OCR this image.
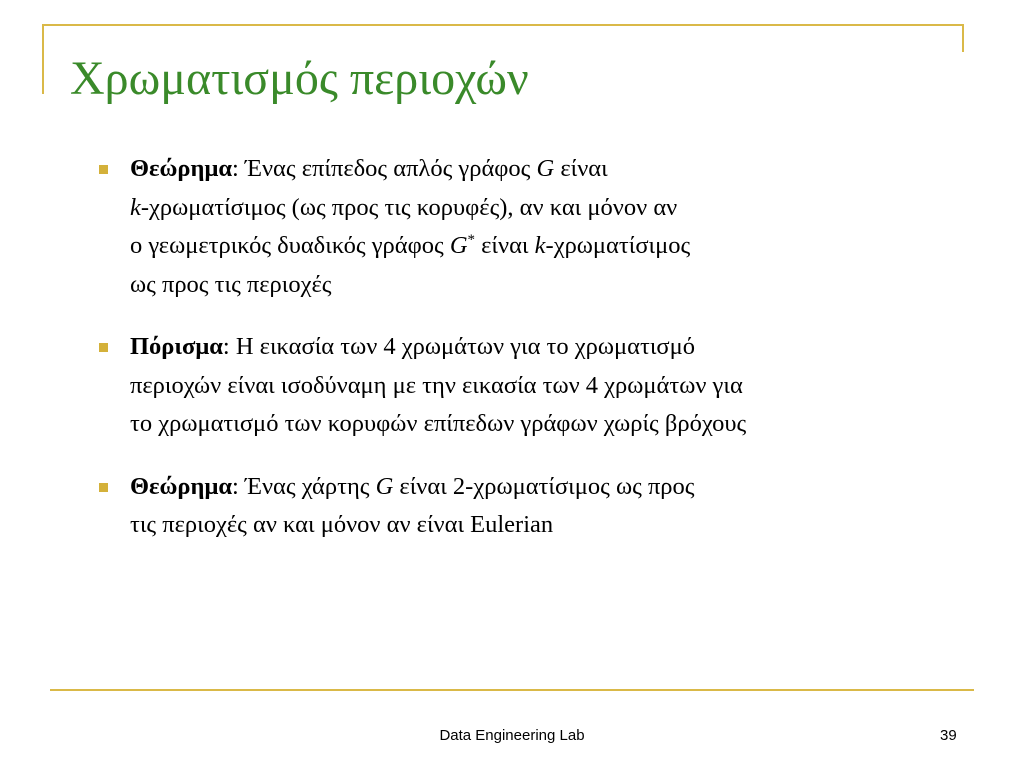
Χρωματισμός περιοχών
Θεώρημα: Ένας επίπεδος απλός γράφος G είναι
k-χρωματίσιμος (ως προς τις κορυφές), αν και μόνον αν
ο γεωμετρικός δυαδικός γράφος G* είναι k-χρωματίσιμος
ως προς τις περιοχές
Πόρισμα: Η εικασία των 4 χρωμάτων για το χρωματισμό
περιοχών είναι ισοδύναμη με την εικασία των 4 χρωμάτων για
το χρωματισμό των κορυφών επίπεδων γράφων χωρίς βρόχους
Θεώρημα: Ένας χάρτης G είναι 2-χρωματίσιμος ως προς
τις περιοχές αν και μόνον αν είναι Eulerian
Data Engineering Lab	39
